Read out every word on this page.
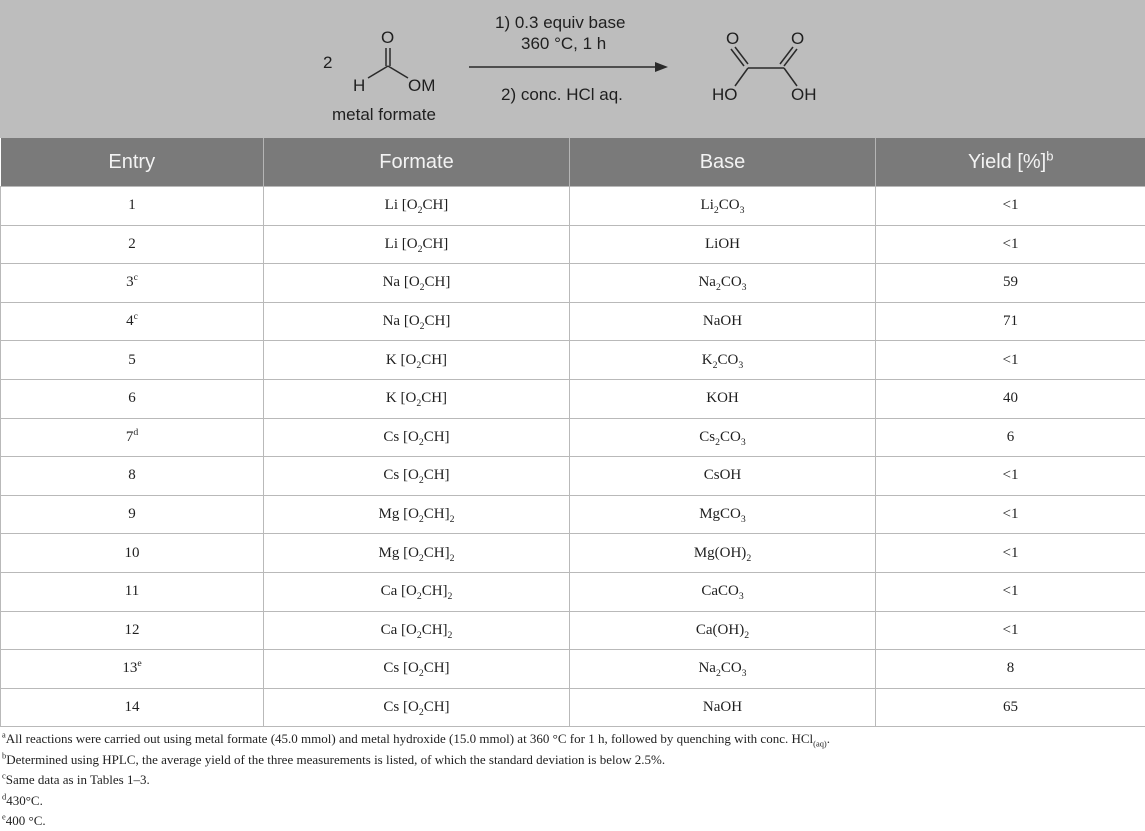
2
O
H	OM
metal formate
1) 0.3 equiv base
360 °C, 1 h
2) conc. HCl aq.
O	O
HO	OH
Entry	Formate	Base	Yield [%]$^b$
1	Li $[O_2CH]$	$Li_2CO_3$	<1
2	Li $[O_2CH]$	LiOH	<1
3$^c$	Na $[O_2CH]$	$Na_2CO_3$	59
4$^c$	Na $[O_2CH]$	NaOH	71
5	K $[O_2CH]$	$K_2CO_3$	<1
6	K $[O_2CH]$	KOH	40
7$^d$	Cs $[O_2CH]$	$Cs_2CO_3$	6
8	Cs $[O_2CH]$	CsOH	<1
9	Mg $[O_2CH]_2$	MgCO$_3$	<1
10	Mg $[O_2CH]_2$	$Mg(OH)_2$	<1
11	Ca $[O_2CH]_2$	CaCO$_3$	<1
12	Ca $[O_2CH]_2$	$Ca(OH)_2$	<1
13e	Cs $[O_2CH]$	$Na_2CO_3$	8
14	Cs $[O_2CH]$	NaOH	65
$^a$All reactions were carried out using metal formate (45.0 mmol) and metal hydroxide (15.0 mmol) at 360 °C for 1 h, followed by quenching with conc. HCl$_{(aq)}$.
$^b$Determined using HPLC, the average yield of the three measurements is listed, of which the standard deviation is below 2.5%.
$^c$Same data as in Tables 1–3.
$^d$430°C.
$^e$400 °C.
